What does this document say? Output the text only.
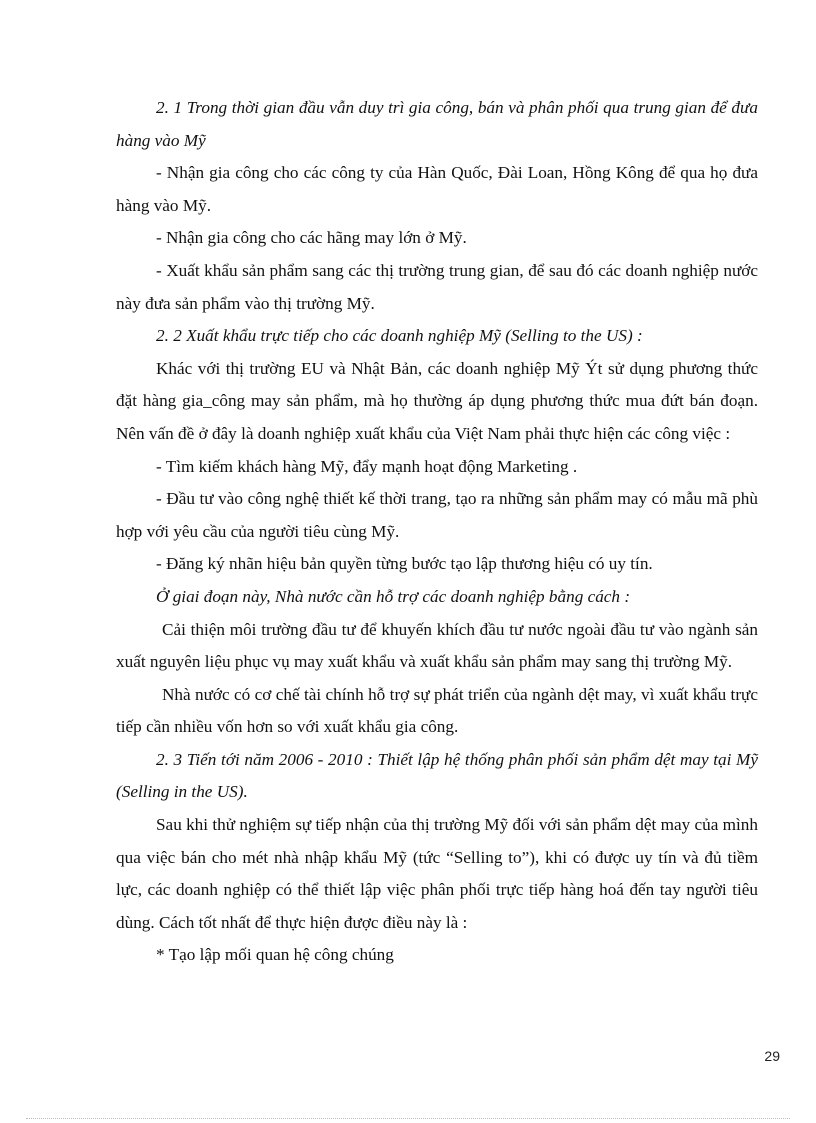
2. 1 Trong thời gian đầu vẫn duy trì gia công, bán và phân phối qua trung gian để đưa hàng vào Mỹ

- Nhận gia công cho các công ty của Hàn Quốc, Đài Loan, Hồng Kông để qua họ đưa hàng vào Mỹ.

- Nhận gia công cho các hãng may lớn ở Mỹ.

- Xuất khẩu sản phẩm sang các thị trường trung gian, để sau đó các doanh nghiệp nước này đưa sản phẩm vào thị trường Mỹ.

2. 2 Xuất khẩu trực tiếp cho các doanh nghiệp Mỹ (Selling to the US) :

Khác với thị trường EU và Nhật Bản, các doanh nghiệp Mỹ Ýt sử dụng phương thức đặt hàng gia_công may sản phẩm, mà họ thường áp dụng phương thức mua đứt bán đoạn. Nên vấn đề ở đây là doanh nghiệp xuất khẩu của Việt Nam phải thực hiện các công việc :

- Tìm kiếm khách hàng Mỹ, đẩy mạnh hoạt động Marketing .

- Đầu tư vào công nghệ thiết kế thời trang, tạo ra những sản phẩm may có mẫu mã phù hợp với yêu cầu của người tiêu cùng Mỹ.

- Đăng ký nhãn hiệu bản quyền từng bước tạo lập thương hiệu có uy tín.

Ở giai đoạn này, Nhà nước cần hỗ trợ các doanh nghiệp bằng cách :

Cải thiện môi trường đầu tư để khuyến khích đầu tư nước ngoài đầu tư vào ngành sản xuất nguyên liệu phục vụ may xuất khẩu và xuất khẩu sản phẩm may sang thị trường Mỹ.

Nhà nước có cơ chế tài chính hỗ trợ sự phát triển của ngành dệt may, vì xuất khẩu trực tiếp cần nhiều vốn hơn so với xuất khẩu gia công.

2. 3 Tiến tới năm 2006 - 2010 : Thiết lập hệ thống phân phối sản phẩm dệt may tại Mỹ (Selling in the US).

Sau khi thử nghiệm sự tiếp nhận của thị trường Mỹ đối với sản phẩm dệt may của mình qua việc bán cho mét nhà nhập khẩu Mỹ (tức “Selling to”), khi có được uy tín và đủ tiềm lực, các doanh nghiệp có thể thiết lập việc phân phối trực tiếp hàng hoá đến tay người tiêu dùng. Cách tốt nhất để thực hiện được điều này là :

* Tạo lập mối quan hệ công chúng

29
